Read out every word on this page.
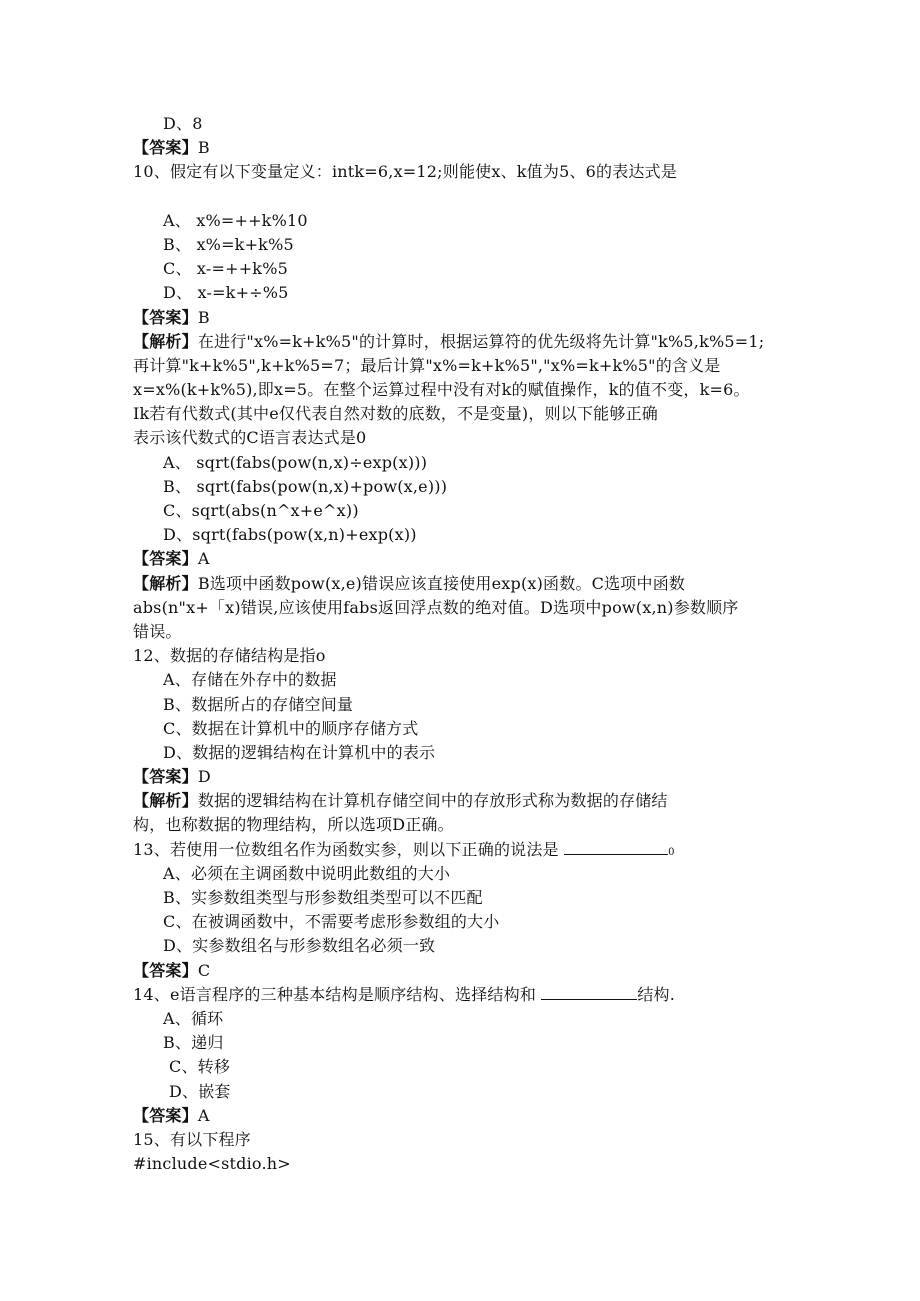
D、8
【答案】B
10、假定有以下变量定义：intk=6,x=12;则能使x、k值为5、6的表达式是
A、 x%=++k%10
B、 x%=k+k%5
C、 x-=++k%5
D、 x-=k+÷%5
【答案】B
【解析】在进行"x%=k+k%5"的计算时，根据运算符的优先级将先计算"k%5,k%5=1;
再计算"k+k%5",k+k%5=7；最后计算"x%=k+k%5","x%=k+k%5"的含义是
x=x%(k+k%5),即x=5。在整个运算过程中没有对k的赋值操作，k的值不变，k=6。
Ik若有代数式(其中e仅代表自然对数的底数，不是变量)，则以下能够正确
表示该代数式的C语言表达式是0
A、 sqrt(fabs(pow(n,x)÷exp(x)))
B、 sqrt(fabs(pow(n,x)+pow(x,e)))
C、sqrt(abs(n^x+e^x))
D、sqrt(fabs(pow(x,n)+exp(x))
【答案】A
【解析】B选项中函数pow(x,e)错误应该直接使用exp(x)函数。C选项中函数
abs(n"x+「x)错误,应该使用fabs返回浮点数的绝对值。D选项中pow(x,n)参数顺序
错误。
12、数据的存储结构是指o
A、存储在外存中的数据
B、数据所占的存储空间量
C、数据在计算机中的顺序存储方式
D、数据的逻辑结构在计算机中的表示
【答案】D
【解析】数据的逻辑结构在计算机存储空间中的存放形式称为数据的存储结
构，也称数据的物理结构，所以选项D正确。
13、若使用一位数组名作为函数实参，则以下正确的说法是	0
A、必须在主调函数中说明此数组的大小
B、实参数组类型与形参数组类型可以不匹配
C、在被调函数中，不需要考虑形参数组的大小
D、实参数组名与形参数组名必须一致
【答案】C
14、e语言程序的三种基本结构是顺序结构、选择结构和	结构.
A、循环
B、递归
C、转移
D、嵌套
【答案】A
15、有以下程序
#include<stdio.h>
